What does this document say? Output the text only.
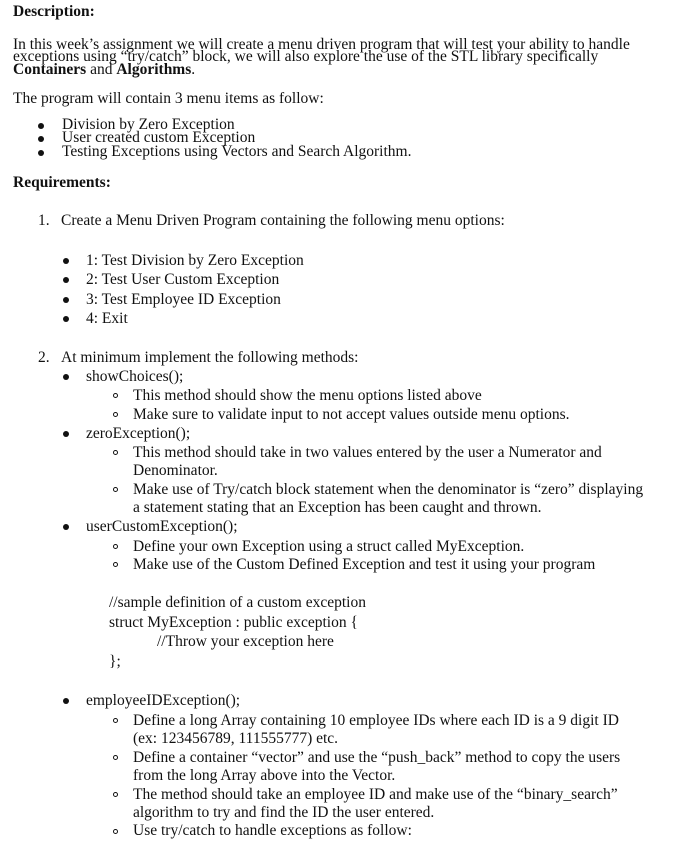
Description:
In this week’s assignment we will create a menu driven program that will test your ability to handle
exceptions using “try/catch” block, we will also explore the use of the STL library specifically
Containers and Algorithms.
The program will contain 3 menu items as follow:
Division by Zero Exception
User created custom Exception
Testing Exceptions using Vectors and Search Algorithm.
Requirements:
1. Create a Menu Driven Program containing the following menu options:
1: Test Division by Zero Exception
2: Test User Custom Exception
3: Test Employee ID Exception
4: Exit
2. At minimum implement the following methods:
showChoices();
This method should show the menu options listed above
Make sure to validate input to not accept values outside menu options.
zeroException();
This method should take in two values entered by the user a Numerator and
Denominator.
Make use of Try/catch block statement when the denominator is “zero” displaying
a statement stating that an Exception has been caught and thrown.
userCustomException();
Define your own Exception using a struct called MyException.
Make use of the Custom Defined Exception and test it using your program
//sample definition of a custom exception
struct MyException : public exception {
//Throw your exception here
};
employeeIDException();
Define a long Array containing 10 employee IDs where each ID is a 9 digit ID
(ex: 123456789, 111555777) etc.
Define a container “vector” and use the “push_back” method to copy the users
from the long Array above into the Vector.
The method should take an employee ID and make use of the “binary_search”
algorithm to try and find the ID the user entered.
Use try/catch to handle exceptions as follow:
